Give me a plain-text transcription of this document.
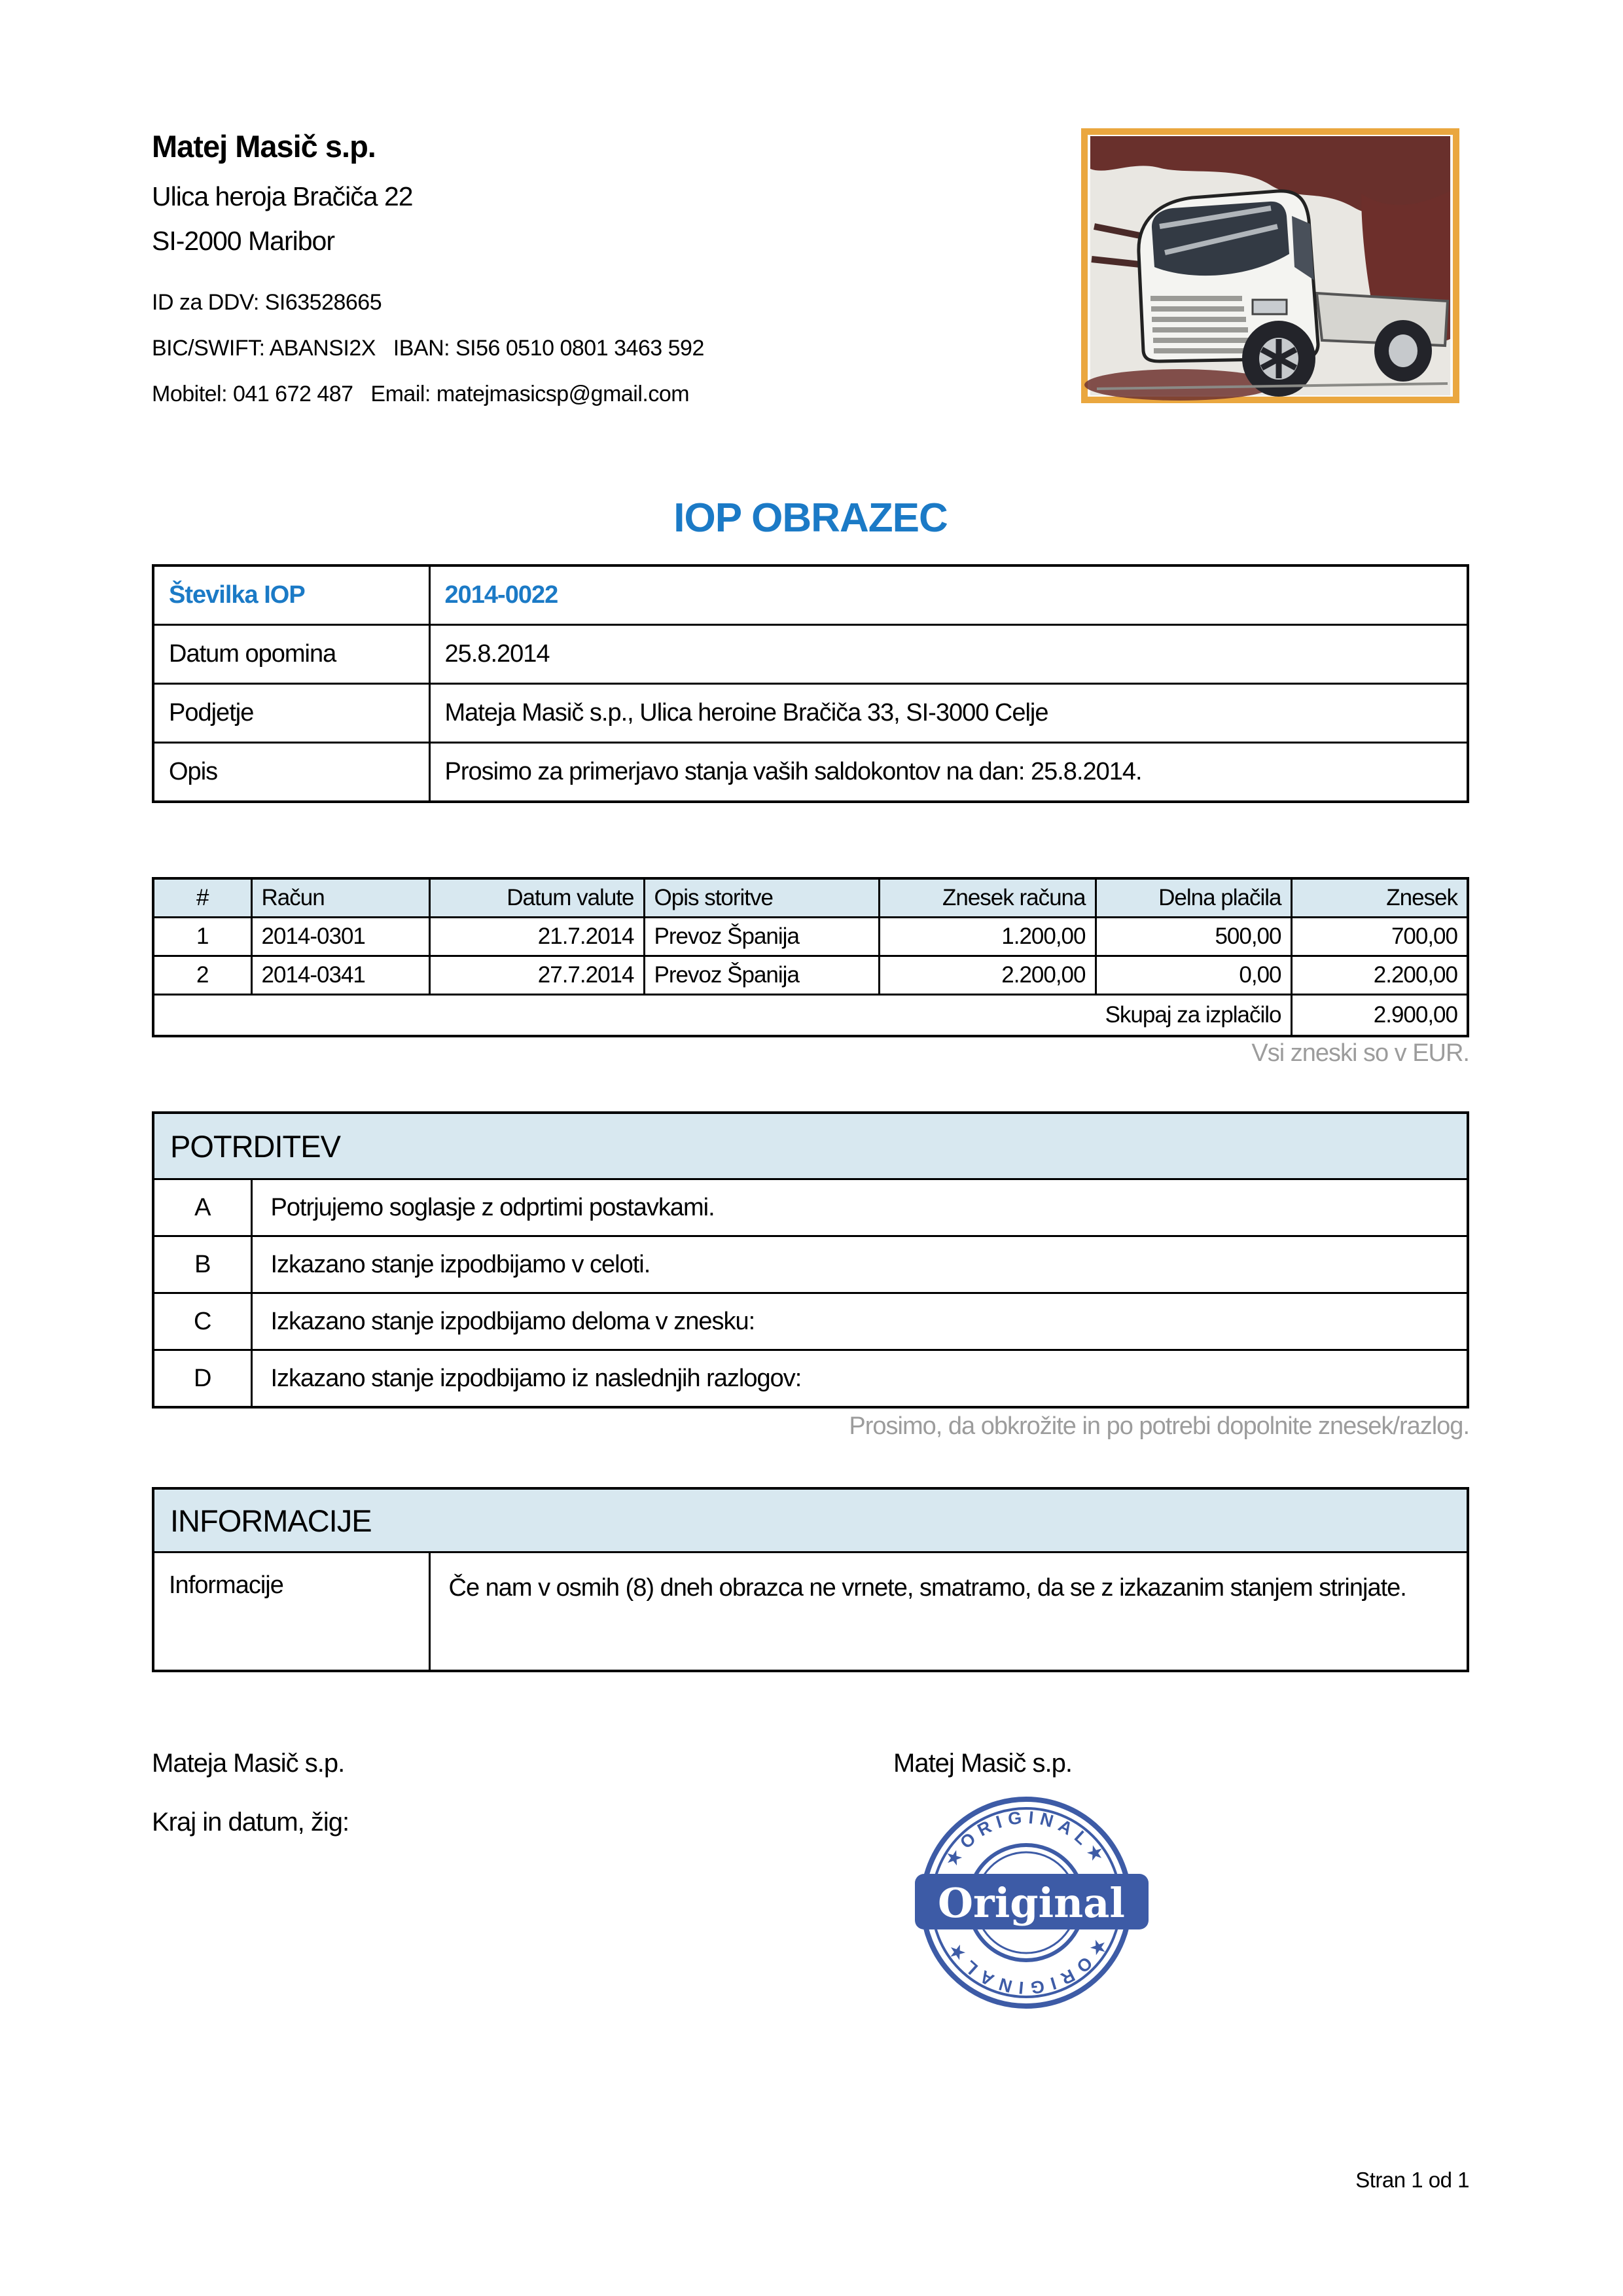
Matej Masič s.p.
Ulica heroja Bračiča 22
SI-2000 Maribor
ID za DDV: SI63528665
BIC/SWIFT: ABANSI2X   IBAN: SI56 0510 0801 3463 592
Mobitel: 041 672 487   Email: matejmasicsp@gmail.com
IOP OBRAZEC
Številka IOP	2014-0022
Datum opomina	25.8.2014
Podjetje	Mateja Masič s.p., Ulica heroine Bračiča 33, SI-3000 Celje
Opis	Prosimo za primerjavo stanja vaših saldokontov na dan: 25.8.2014.
#	Račun	Datum valute	Opis storitve	Znesek računa	Delna plačila	Znesek
1	2014-0301	21.7.2014	Prevoz Španija	1.200,00	500,00	700,00
2	2014-0341	27.7.2014	Prevoz Španija	2.200,00	0,00	2.200,00
Skupaj za izplačilo						2.900,00
Vsi zneski so v EUR.
POTRDITEV	
A	Potrjujemo soglasje z odprtimi postavkami.
B	Izkazano stanje izpodbijamo v celoti.
C	Izkazano stanje izpodbijamo deloma v znesku:
D	Izkazano stanje izpodbijamo iz naslednjih razlogov:
Prosimo, da obkrožite in po potrebi dopolnite znesek/razlog.
INFORMACIJE
Informacije	Če nam v osmih (8) dneh obrazca ne vrnete, smatramo, da se z izkazanim stanjem strinjate.
Mateja Masič s.p.	Matej Masič s.p.
Kraj in datum, žig:
★ORIGINAL★
★ORIGINAL★
Original
Stran 1 od 1
